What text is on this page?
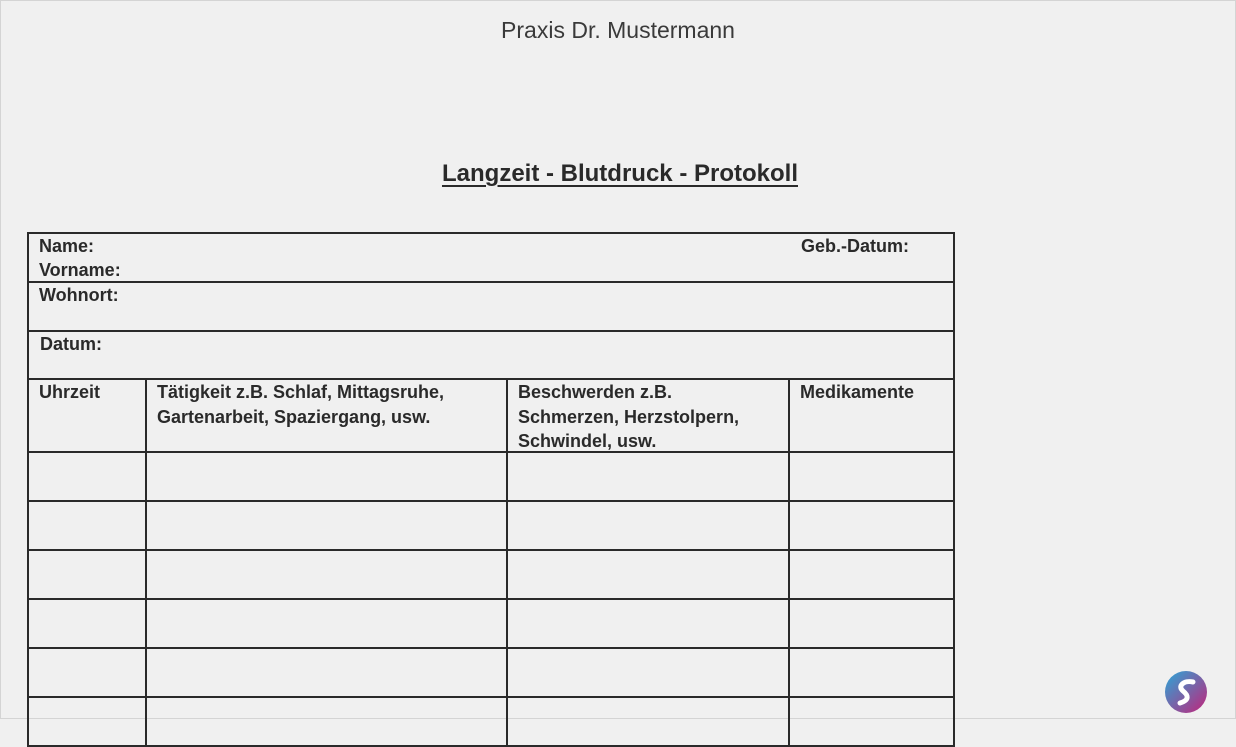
Praxis Dr. Mustermann
Langzeit - Blutdruck - Protokoll
Name:	Geb.-Datum:
Vorname:
Wohnort:
Datum:
Uhrzeit	Tätigkeit z.B. Schlaf, Mittagsruhe,
Gartenarbeit, Spaziergang, usw.
Beschwerden z.B.
Schmerzen, Herzstolpern,
Schwindel, usw.
Medikamente
